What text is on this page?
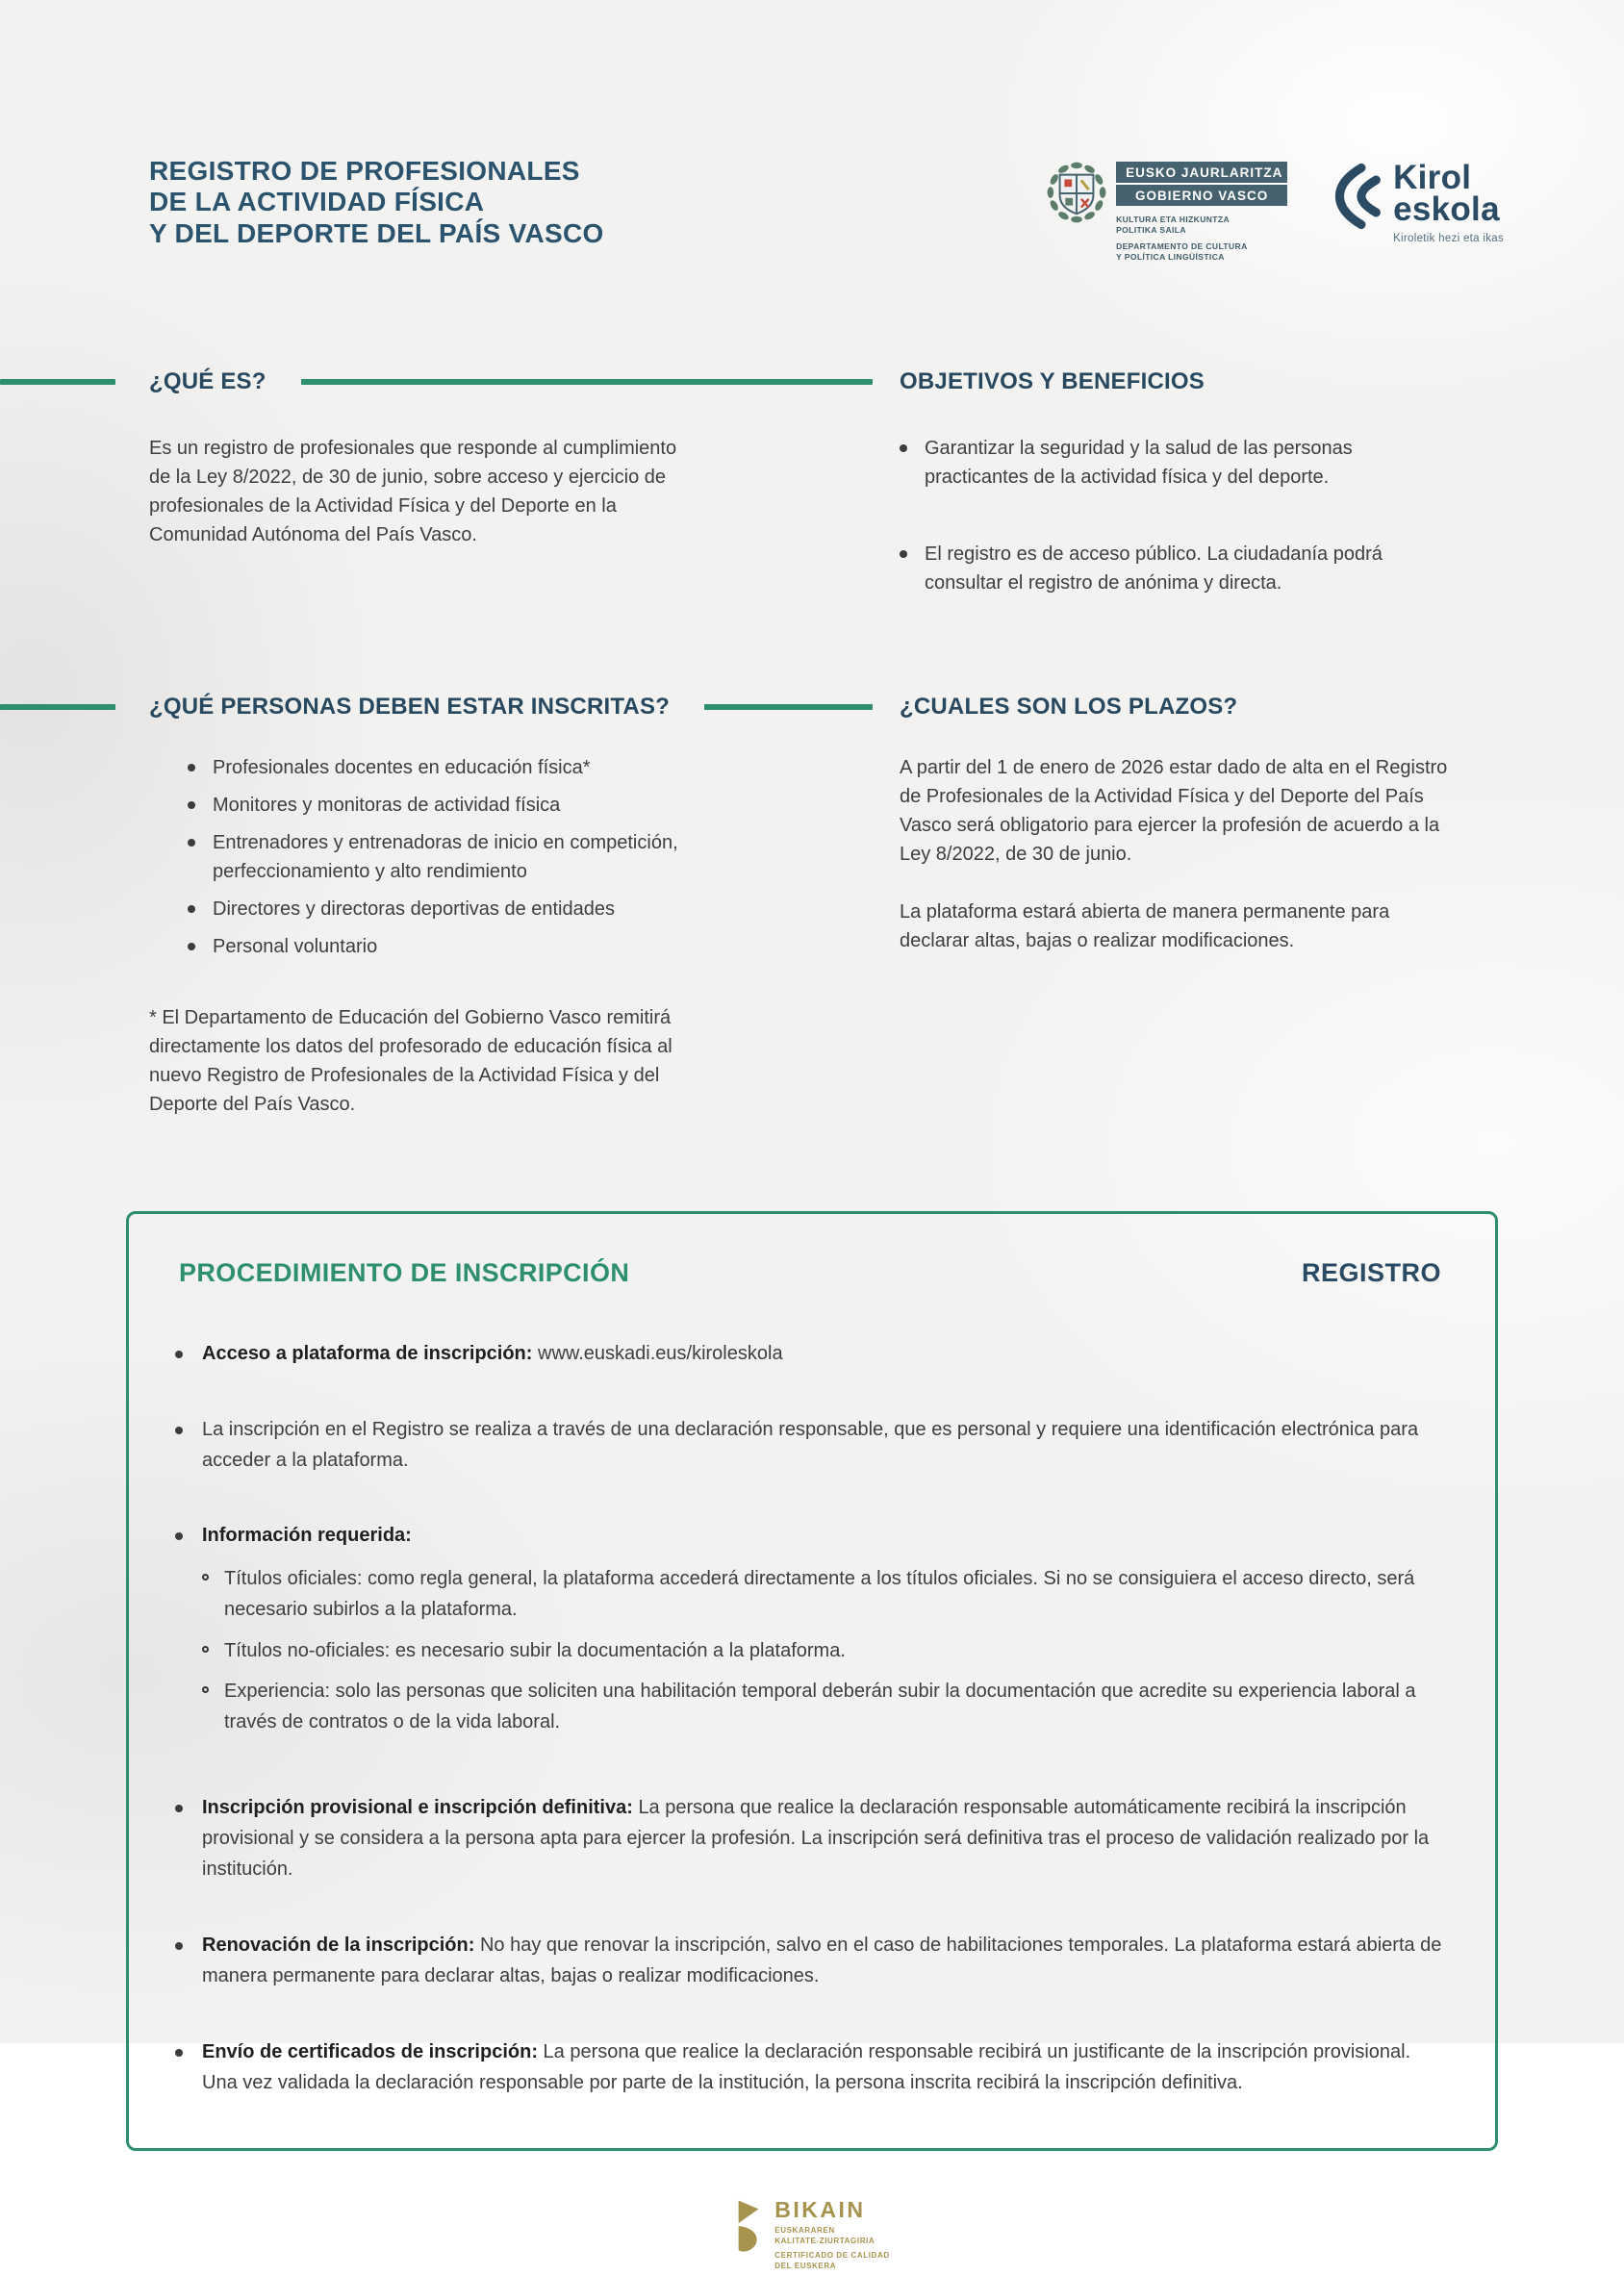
REGISTRO DE PROFESIONALES
DE LA ACTIVIDAD FÍSICA
Y DEL DEPORTE DEL PAÍS VASCO
EUSKO JAURLARITZA
GOBIERNO VASCO
KULTURA ETA HIZKUNTZA
POLITIKA SAILA
DEPARTAMENTO DE CULTURA
Y POLÍTICA LINGÜÍSTICA
Kirol
eskola
Kiroletik hezi eta ikas
¿QUÉ ES?	OBJETIVOS Y BENEFICIOS

Es un registro de profesionales que responde al cumplimiento de la Ley 8/2022, de 30 de junio, sobre acceso y ejercicio de profesionales de la Actividad Física y del Deporte en la Comunidad Autónoma del País Vasco.

Garantizar la seguridad y la salud de las personas practicantes de la actividad física y del deporte.

El registro es de acceso público. La ciudadanía podrá consultar el registro de anónima y directa.

¿QUÉ PERSONAS DEBEN ESTAR INSCRITAS?	¿CUALES SON LOS PLAZOS?

Profesionales docentes en educación física*

Monitores y monitoras de actividad física

Entrenadores y entrenadoras de inicio en competición, perfeccionamiento y alto rendimiento

Directores y directoras deportivas de entidades

Personal voluntario

* El Departamento de Educación del Gobierno Vasco remitirá directamente los datos del profesorado de educación física al nuevo Registro de Profesionales de la Actividad Física y del Deporte del País Vasco.

A partir del 1 de enero de 2026 estar dado de alta en el Registro de Profesionales de la Actividad Física y del Deporte del País Vasco será obligatorio para ejercer la profesión de acuerdo a la Ley 8/2022, de 30 de junio.

La plataforma estará abierta de manera permanente para declarar altas, bajas o realizar modificaciones.

PROCEDIMIENTO DE INSCRIPCIÓN	REGISTRO

Acceso a plataforma de inscripción: www.euskadi.eus/kiroleskola

La inscripción en el Registro se realiza a través de una declaración responsable, que es personal y requiere una identificación electrónica para acceder a la plataforma.

Información requerida:

Títulos oficiales: como regla general, la plataforma accederá directamente a los títulos oficiales. Si no se consiguiera el acceso directo, será necesario subirlos a la plataforma.

Títulos no-oficiales: es necesario subir la documentación a la plataforma.

Experiencia: solo las personas que soliciten una habilitación temporal deberán subir la documentación que acredite su experiencia laboral a través de contratos o de la vida laboral.

Inscripción provisional e inscripción definitiva: La persona que realice la declaración responsable automáticamente recibirá la inscripción provisional y se considera a la persona apta para ejercer la profesión. La inscripción será definitiva tras el proceso de validación realizado por la institución.

Renovación de la inscripción: No hay que renovar la inscripción, salvo en el caso de habilitaciones temporales. La plataforma estará abierta de manera permanente para declarar altas, bajas o realizar modificaciones.

Envío de certificados de inscripción: La persona que realice la declaración responsable recibirá un justificante de la inscripción provisional. Una vez validada la declaración responsable por parte de la institución, la persona inscrita recibirá la inscripción definitiva.

BIKAIN
EUSKARAREN
KALITATE-ZIURTAGIRIA
CERTIFICADO DE CALIDAD
DEL EUSKERA
